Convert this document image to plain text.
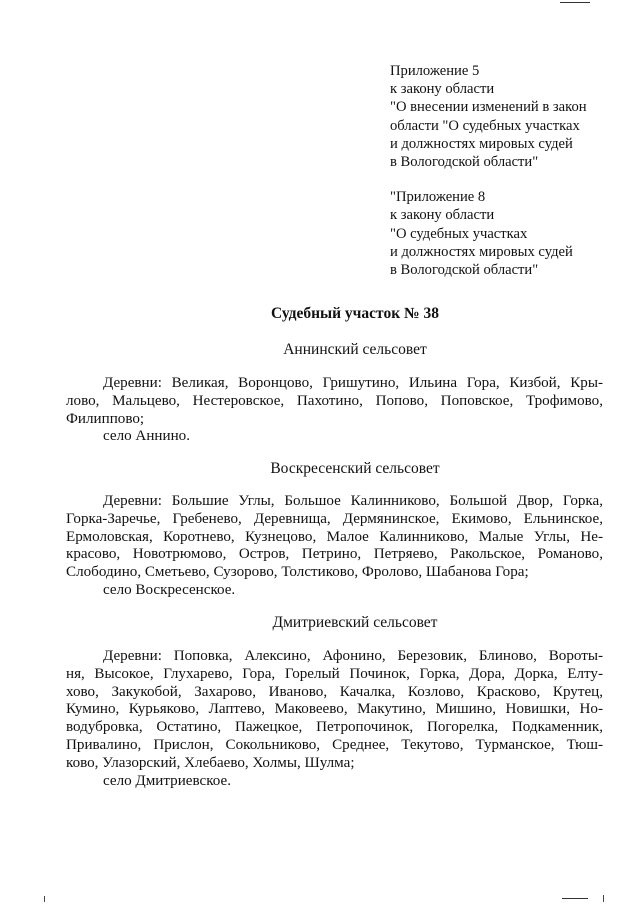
Приложение 5
к закону области
"О внесении изменений в закон
области "О судебных участках
и должностях мировых судей
в Вологодской области"
"Приложение 8
к закону области
"О судебных участках
и должностях мировых судей
в Вологодской области"
Судебный участок № 38
Аннинский сельсовет
Деревни: Великая, Воронцово, Гришутино, Ильина Гора, Кизбой, Кры-
лово, Мальцево, Нестеровское, Пахотино, Попово, Поповское, Трофимово,
Филиппово;
село Аннино.
Воскресенский сельсовет
Деревни: Большие Углы, Большое Калинниково, Большой Двор, Горка,
Горка-Заречье, Гребенево, Деревнища, Дермянинское, Екимово, Ельнинское,
Ермоловская, Коротнево, Кузнецово, Малое Калинниково, Малые Углы, Не-
красово, Новотрюмово, Остров, Петрино, Петряево, Ракольское, Романово,
Слободино, Сметьево, Сузорово, Толстиково, Фролово, Шабанова Гора;
село Воскресенское.
Дмитриевский сельсовет
Деревни: Поповка, Алексино, Афонино, Березовик, Блиново, Вороты-
ня, Высокое, Глухарево, Гора, Горелый Починок, Горка, Дора, Дорка, Елту-
хово, Закукобой, Захарово, Иваново, Качалка, Козлово, Красково, Крутец,
Кумино, Курьяково, Лаптево, Маковеево, Макутино, Мишино, Новишки, Но-
водубровка, Остатино, Пажецкое, Петропочинок, Погорелка, Подкаменник,
Привалино, Прислон, Сокольниково, Среднее, Текутово, Турманское, Тюш-
ково, Улазорский, Хлебаево, Холмы, Шулма;
село Дмитриевское.
